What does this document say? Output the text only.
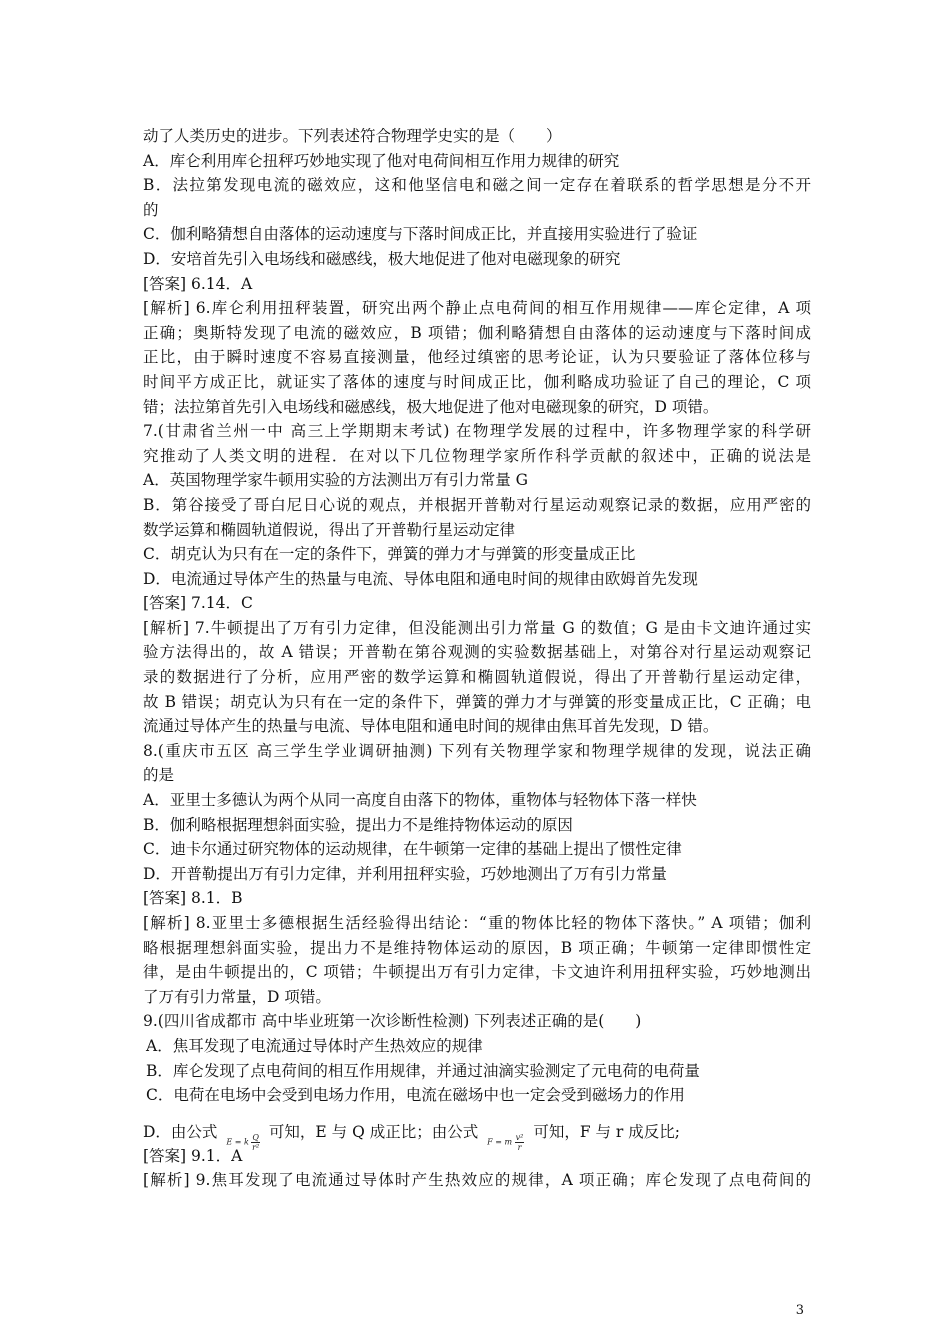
动了人类历史的进步。下列表述符合物理学史实的是（　　）
A．库仑利用库仑扭秤巧妙地实现了他对电荷间相互作用力规律的研究
B．法拉第发现电流的磁效应，这和他坚信电和磁之间一定存在着联系的哲学思想是分不开
的
C．伽利略猜想自由落体的运动速度与下落时间成正比，并直接用实验进行了验证
D．安培首先引入电场线和磁感线，极大地促进了他对电磁现象的研究
[答案] 6.14．A
[解析] 6.库仑利用扭秤装置，研究出两个静止点电荷间的相互作用规律——库仑定律，A 项
正确；奥斯特发现了电流的磁效应，B 项错；伽利略猜想自由落体的运动速度与下落时间成
正比，由于瞬时速度不容易直接测量，他经过缜密的思考论证，认为只要验证了落体位移与
时间平方成正比，就证实了落体的速度与时间成正比，伽利略成功验证了自己的理论，C 项
错；法拉第首先引入电场线和磁感线，极大地促进了他对电磁现象的研究，D 项错。
7.(甘肃省兰州一中 高三上学期期末考试) 在物理学发展的过程中，许多物理学家的科学研
究推动了人类文明的进程．在对以下几位物理学家所作科学贡献的叙述中，正确的说法是
A．英国物理学家牛顿用实验的方法测出万有引力常量 G
B．第谷接受了哥白尼日心说的观点，并根据开普勒对行星运动观察记录的数据，应用严密的
数学运算和椭圆轨道假说，得出了开普勒行星运动定律
C．胡克认为只有在一定的条件下，弹簧的弹力才与弹簧的形变量成正比
D．电流通过导体产生的热量与电流、导体电阻和通电时间的规律由欧姆首先发现
[答案] 7.14．C
[解析] 7.牛顿提出了万有引力定律，但没能测出引力常量 G 的数值；G 是由卡文迪许通过实
验方法得出的，故 A 错误；开普勒在第谷观测的实验数据基础上，对第谷对行星运动观察记
录的数据进行了分析，应用严密的数学运算和椭圆轨道假说，得出了开普勒行星运动定律，
故 B 错误；胡克认为只有在一定的条件下，弹簧的弹力才与弹簧的形变量成正比，C 正确；电
流通过导体产生的热量与电流、导体电阻和通电时间的规律由焦耳首先发现，D 错。
8.(重庆市五区 高三学生学业调研抽测) 下列有关物理学家和物理学规律的发现，说法正确
的是
A．亚里士多德认为两个从同一高度自由落下的物体，重物体与轻物体下落一样快
B．伽利略根据理想斜面实验，提出力不是维持物体运动的原因
C．迪卡尔通过研究物体的运动规律，在牛顿第一定律的基础上提出了惯性定律
D．开普勒提出万有引力定律，并利用扭秤实验，巧妙地测出了万有引力常量
[答案] 8.1．B
[解析] 8.亚里士多德根据生活经验得出结论：“重的物体比轻的物体下落快。” A 项错；伽利
略根据理想斜面实验，提出力不是维持物体运动的原因，B 项正确；牛顿第一定律即惯性定
律，是由牛顿提出的，C 项错；牛顿提出万有引力定律，卡文迪许利用扭秤实验，巧妙地测出
了万有引力常量，D 项错。
9.(四川省成都市 高中毕业班第一次诊断性检测) 下列表述正确的是(　　)
A．焦耳发现了电流通过导体时产生热效应的规律
B．库仑发现了点电荷间的相互作用规律，并通过油滴实验测定了元电荷的电荷量
C．电荷在电场中会受到电场力作用，电流在磁场中也一定会受到磁场力的作用
D．由公式 E = k $\frac{Q}{\text{r²}}$
可知，E 与 Q 成正比；由公式 F = m $\frac{\text{v²}}{r}$
可知，F 与 r 成反比;
[答案] 9.1．A
[解析] 9.焦耳发现了电流通过导体时产生热效应的规律，A 项正确；库仑发现了点电荷间的
3
